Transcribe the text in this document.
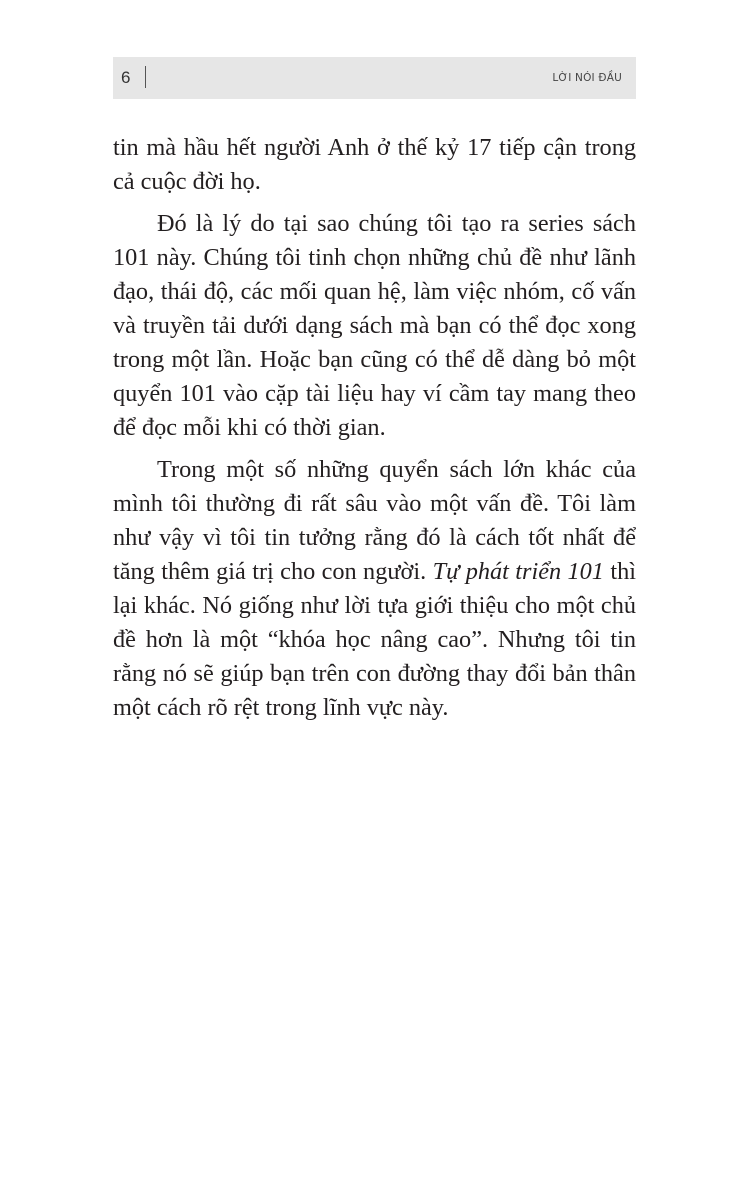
6	LỜI NÓI ĐẦU

tin mà hầu hết người Anh ở thế kỷ 17 tiếp cận trong cả cuộc đời họ.

Đó là lý do tại sao chúng tôi tạo ra series sách 101 này. Chúng tôi tinh chọn những chủ đề như lãnh đạo, thái độ, các mối quan hệ, làm việc nhóm, cố vấn và truyền tải dưới dạng sách mà bạn có thể đọc xong trong một lần. Hoặc bạn cũng có thể dễ dàng bỏ một quyển 101 vào cặp tài liệu hay ví cầm tay mang theo để đọc mỗi khi có thời gian.

Trong một số những quyển sách lớn khác của mình tôi thường đi rất sâu vào một vấn đề. Tôi làm như vậy vì tôi tin tưởng rằng đó là cách tốt nhất để tăng thêm giá trị cho con người. Tự phát triển 101 thì lại khác. Nó giống như lời tựa giới thiệu cho một chủ đề hơn là một “khóa học nâng cao”. Nhưng tôi tin rằng nó sẽ giúp bạn trên con đường thay đổi bản thân một cách rõ rệt trong lĩnh vực này.
